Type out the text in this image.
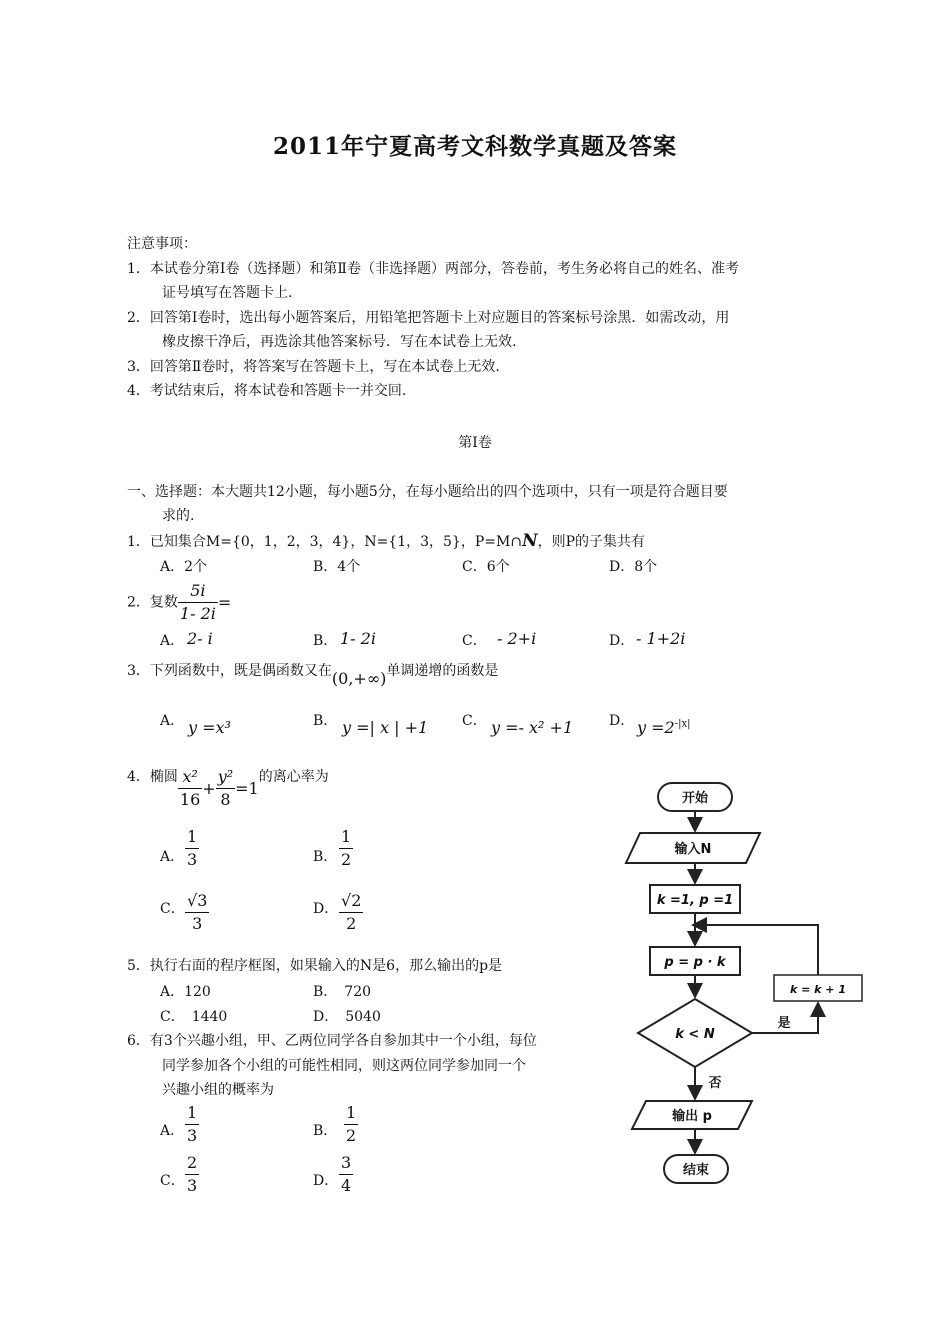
2011年宁夏高考文科数学真题及答案
注意事项：
1．本试卷分第Ⅰ卷（选择题）和第Ⅱ卷（非选择题）两部分，答卷前，考生务必将自己的姓名、准考
证号填写在答题卡上.
2．回答第Ⅰ卷时，选出每小题答案后，用铅笔把答题卡上对应题目的答案标号涂黑．如需改动，用
橡皮擦干净后，再选涂其他答案标号．写在本试卷上无效.
3．回答第Ⅱ卷时，将答案写在答题卡上，写在本试卷上无效.
4．考试结束后，将本试卷和答题卡一并交回.
第Ⅰ卷
一、选择题：本大题共12小题，每小题5分，在每小题给出的四个选项中，只有一项是符合题目要
求的.
1．已知集合M={0，1，2，3，4}，N={1，3，5}，P=M∩N，则P的子集共有
A．2个	B．4个	C．6个	D．8个
2．复数 $\frac{5i}{1- 2i}$ =
A． 2- i	B． 1- 2i	C． - 2+i	D． - 1+2i
3．下列函数中，既是偶函数又在(0,+∞)单调递增的函数是
A． y =x³	B． y =| x | +1 C． y =- x² +1	D． $y =2^{-|x|}$
4．椭圆 $\frac{\text{x²}}{16} + \frac{\text{y²}}{8} =1$的离心率为
A． $\frac{1}{3}$	B． $\frac{1}{2}$
C． $\frac{√3}{3}$	D． $\frac{√2}{2}$
5．执行右面的程序框图，如果输入的N是6，那么输出的p是
A．120	B．　720
C．　1440	D．　5040
6．有3个兴趣小组，甲、乙两位同学各自参加其中一个小组，每位
同学参加各个小组的可能性相同，则这两位同学参加同一个
兴趣小组的概率为
A． $\frac{1}{3}$	B． $\frac{1}{2}$
C． $\frac{2}{3}$	D． $\frac{3}{4}$
开始
输入N
k =1, p =1
p = p · k
k < N
k = k + 1
是
否
输出 p
结束
